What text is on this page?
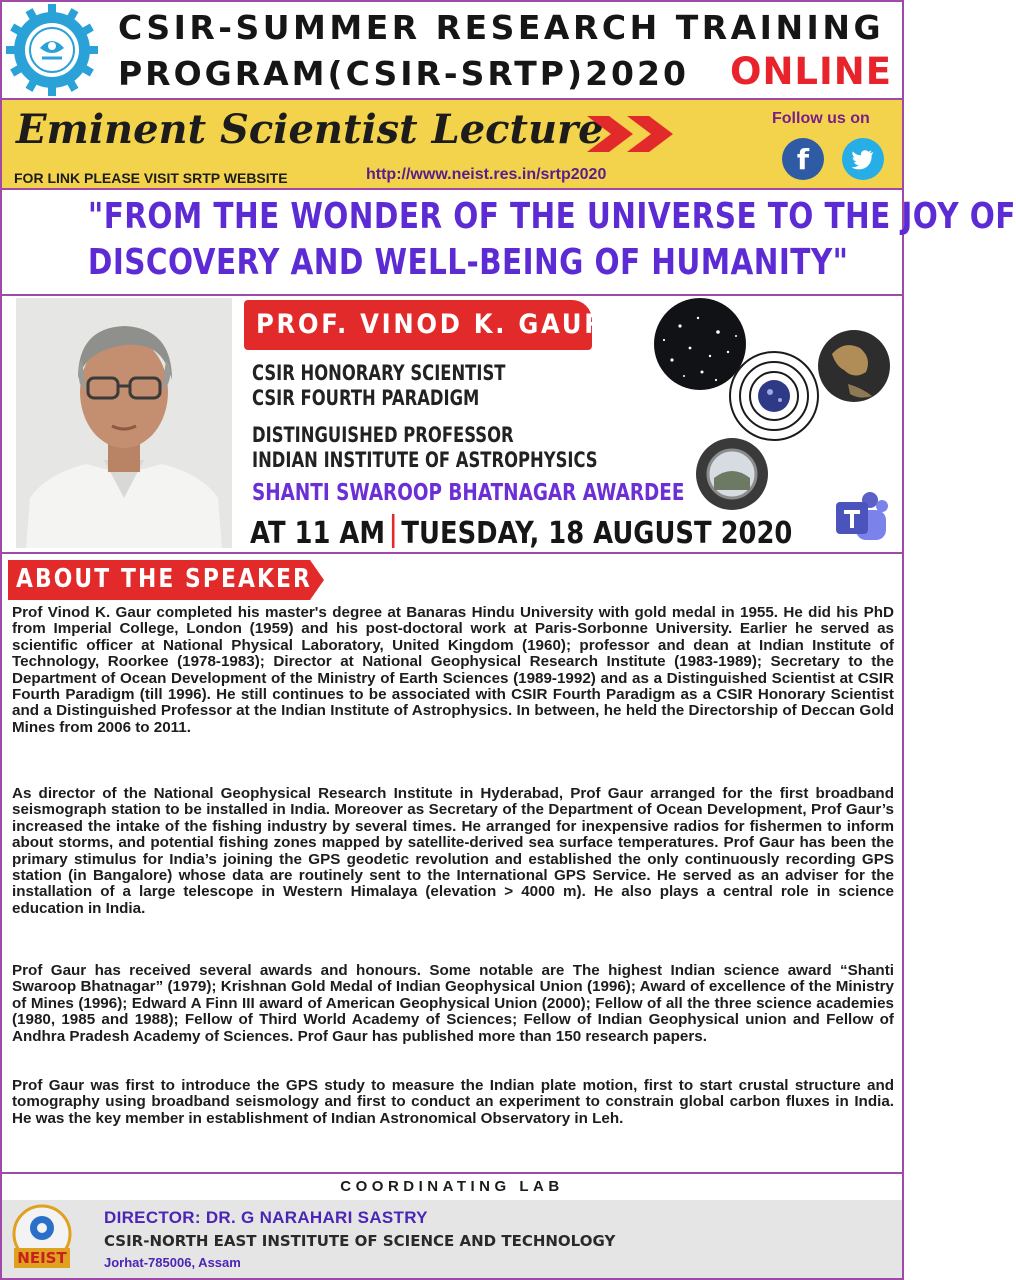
CSIR-SUMMER RESEARCH TRAINING
PROGRAM(CSIR-SRTP)2020 ONLINE
Eminent Scientist Lecture	Follow us on
f
FOR LINK PLEASE VISIT SRTP WEBSITE	http://www.neist.res.in/srtp2020
"FROM THE WONDER OF THE UNIVERSE TO THE JOY OF
DISCOVERY AND WELL-BEING OF HUMANITY"
PROF. VINOD K. GAUR
CSIR HONORARY SCIENTIST
CSIR FOURTH PARADIGM
DISTINGUISHED PROFESSOR
INDIAN INSTITUTE OF ASTROPHYSICS
SHANTI SWAROOP BHATNAGAR AWARDEE
AT 11 AM TUESDAY, 18 AUGUST 2020
ABOUT THE SPEAKER
Prof Vinod K. Gaur completed his master's degree at Banaras Hindu University with gold medal in 1955. He did his PhD from Imperial College, London (1959) and his post-doctoral work at Paris-Sorbonne University. Earlier he served as scientific officer at National Physical Laboratory, United Kingdom (1960); professor and dean at Indian Institute of Technology, Roorkee (1978-1983); Director at National Geophysical Research Institute (1983-1989); Secretary to the Department of Ocean Development of the Ministry of Earth Sciences (1989-1992) and as a Distinguished Scientist at CSIR Fourth Paradigm (till 1996). He still continues to be associated with CSIR Fourth Paradigm as a CSIR Honorary Scientist and a Distinguished Professor at the Indian Institute of Astrophysics. In between, he held the Directorship of Deccan Gold Mines from 2006 to 2011.
As director of the National Geophysical Research Institute in Hyderabad, Prof Gaur arranged for the first broadband seismograph station to be installed in India. Moreover as Secretary of the Department of Ocean Development, Prof Gaur’s increased the intake of the fishing industry by several times. He arranged for inexpensive radios for fishermen to inform about storms, and potential fishing zones mapped by satellite-derived sea surface temperatures. Prof Gaur has been the primary stimulus for India’s joining the GPS geodetic revolution and established the only continuously recording GPS station (in Bangalore) whose data are routinely sent to the International GPS Service. He served as an adviser for the installation of a large telescope in Western Himalaya (elevation > 4000 m). He also plays a central role in science education in India.
Prof Gaur has received several awards and honours. Some notable are The highest Indian science award “Shanti Swaroop Bhatnagar” (1979); Krishnan Gold Medal of Indian Geophysical Union (1996); Award of excellence of the Ministry of Mines (1996); Edward A Finn III award of American Geophysical Union (2000); Fellow of all the three science academies (1980, 1985 and 1988); Fellow of Third World Academy of Sciences; Fellow of Indian Geophysical union and Fellow of Andhra Pradesh Academy of Sciences. Prof Gaur has published more than 150 research papers.
Prof Gaur was first to introduce the GPS study to measure the Indian plate motion, first to start crustal structure and tomography using broadband seismology and first to conduct an experiment to constrain global carbon fluxes in India. He was the key member in establishment of Indian Astronomical Observatory in Leh.
COORDINATING LAB
NEIST
DIRECTOR: DR. G NARAHARI SASTRY
CSIR-NORTH EAST INSTITUTE OF SCIENCE AND TECHNOLOGY
Jorhat-785006, Assam
